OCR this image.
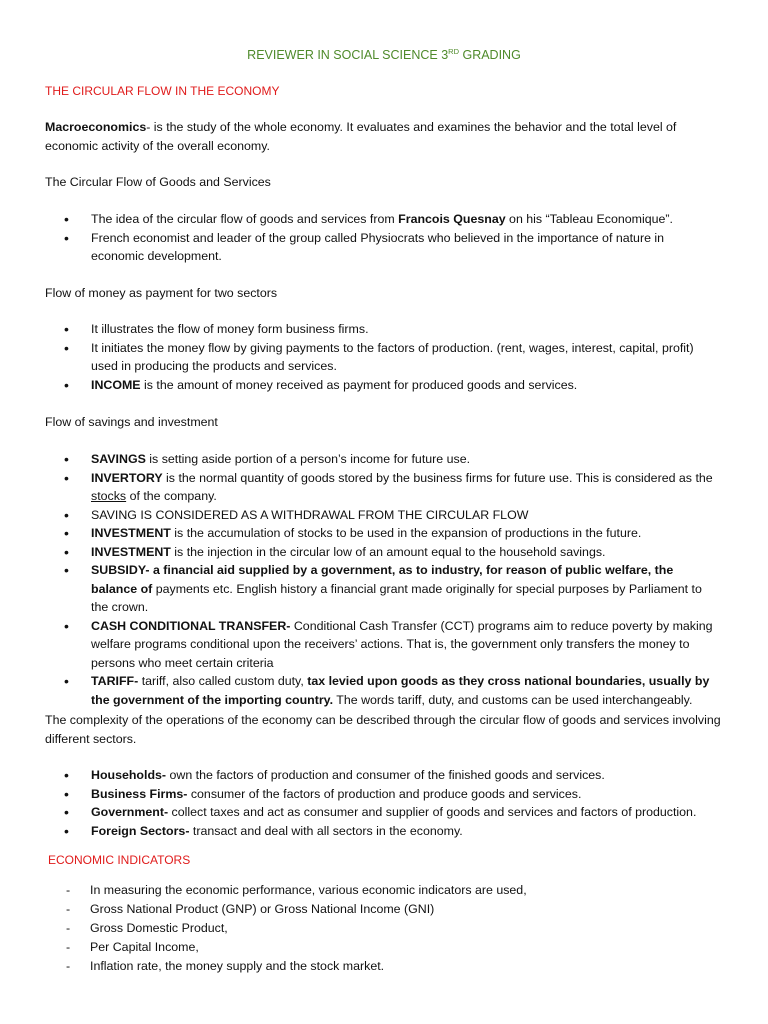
REVIEWER IN SOCIAL SCIENCE 3RD GRADING
THE CIRCULAR FLOW IN THE ECONOMY
Macroeconomics- is the study of the whole economy. It evaluates and examines the behavior and the total level of economic activity of the overall economy.
The Circular Flow of Goods and Services
• The idea of the circular flow of goods and services from Francois Quesnay on his “Tableau Economique”.
• French economist and leader of the group called Physiocrats who believed in the importance of nature in economic development.
Flow of money as payment for two sectors
• It illustrates the flow of money form business firms.
• It initiates the money flow by giving payments to the factors of production. (rent, wages, interest, capital, profit) used in producing the products and services.
• INCOME is the amount of money received as payment for produced goods and services.
Flow of savings and investment
• SAVINGS is setting aside portion of a person’s income for future use.
• INVERTORY is the normal quantity of goods stored by the business firms for future use. This is considered as the stocks of the company.
• SAVING IS CONSIDERED AS A WITHDRAWAL FROM THE CIRCULAR FLOW
• INVESTMENT is the accumulation of stocks to be used in the expansion of productions in the future.
• INVESTMENT is the injection in the circular low of an amount equal to the household savings.
• SUBSIDY- a financial aid supplied by a government, as to industry, for reason of public welfare, the balance of payments etc. English history a financial grant made originally for special purposes by Parliament to the crown.
• CASH CONDITIONAL TRANSFER- Conditional Cash Transfer (CCT) programs aim to reduce poverty by making welfare programs conditional upon the receivers’ actions. That is, the government only transfers the money to persons who meet certain criteria
• TARIFF- tariff, also called custom duty, tax levied upon goods as they cross national boundaries, usually by the government of the importing country. The words tariff, duty, and customs can be used interchangeably.
The complexity of the operations of the economy can be described through the circular flow of goods and services involving different sectors.
• Households- own the factors of production and consumer of the finished goods and services.
• Business Firms- consumer of the factors of production and produce goods and services.
• Government- collect taxes and act as consumer and supplier of goods and services and factors of production.
• Foreign Sectors- transact and deal with all sectors in the economy.
ECONOMIC INDICATORS
- In measuring the economic performance, various economic indicators are used,
- Gross National Product (GNP) or Gross National Income (GNI)
- Gross Domestic Product,
- Per Capital Income,
- Inflation rate, the money supply and the stock market.
